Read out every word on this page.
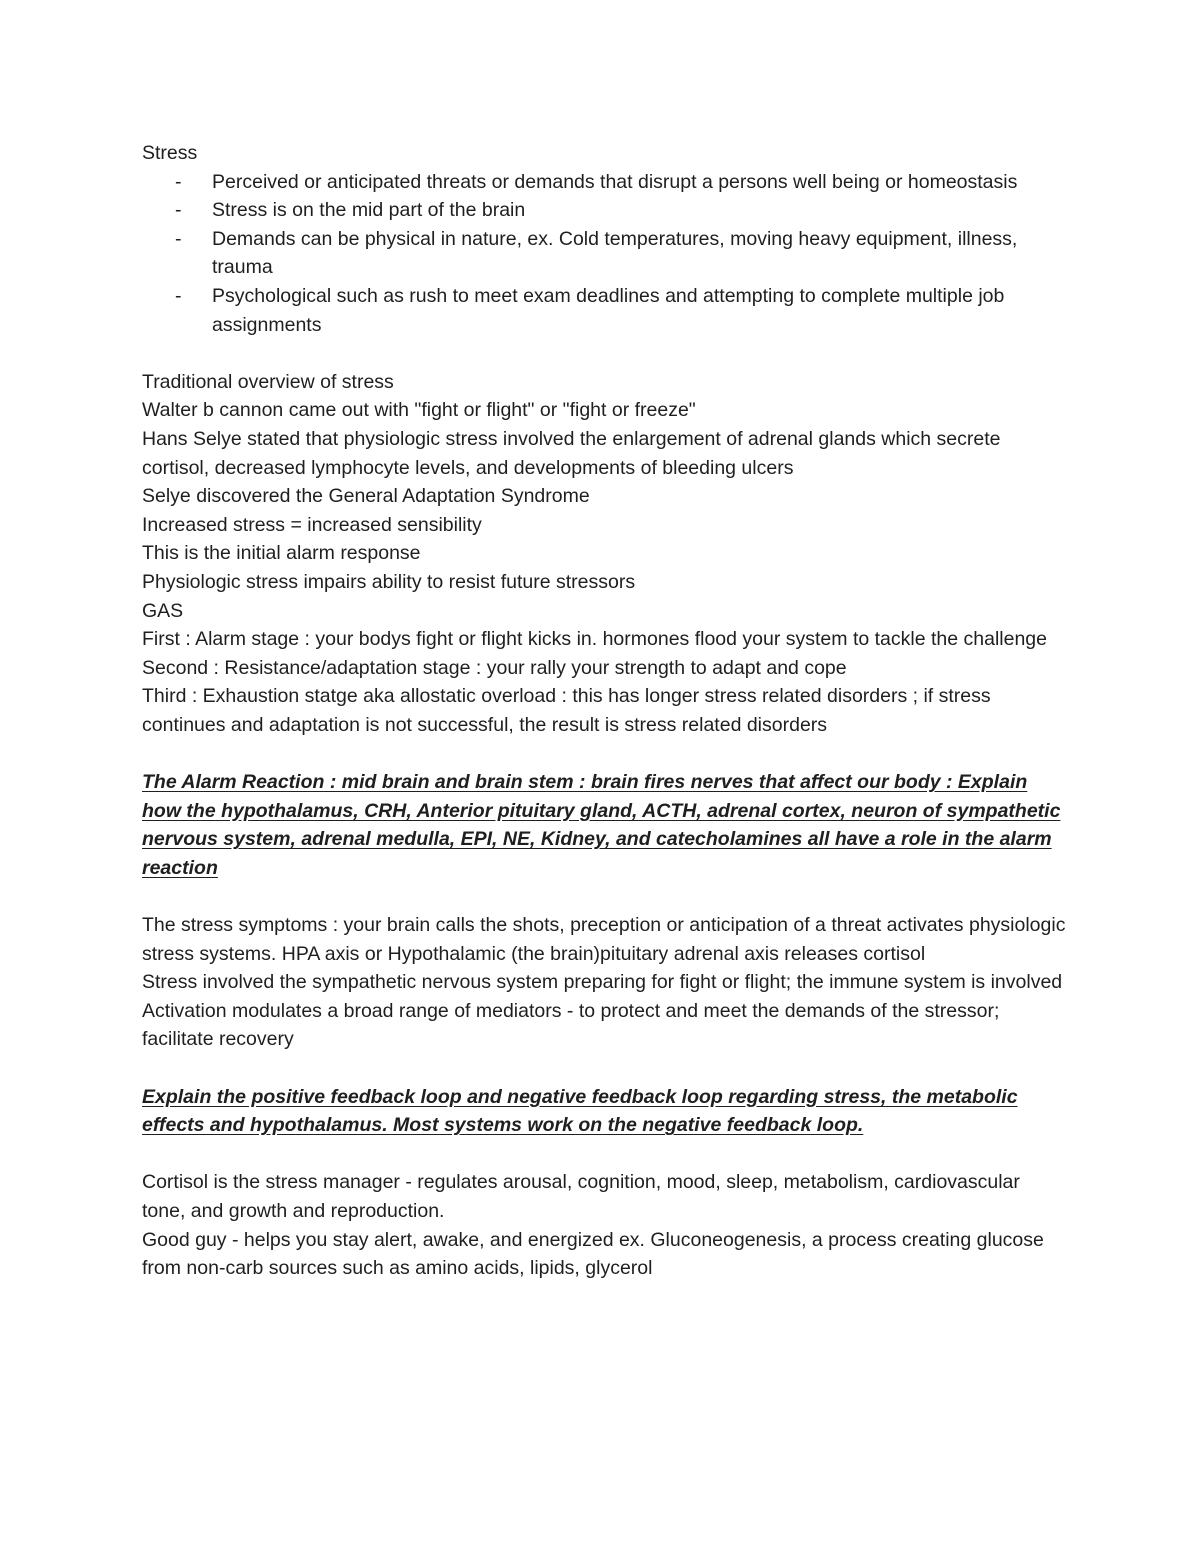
Stress

- Perceived or anticipated threats or demands that disrupt a persons well being or homeostasis
- Stress is on the mid part of the brain
- Demands can be physical in nature, ex. Cold temperatures, moving heavy equipment, illness, trauma
- Psychological such as rush to meet exam deadlines and attempting to complete multiple job assignments

Traditional overview of stress

Walter b cannon came out with "fight or flight" or "fight or freeze"

Hans Selye stated that physiologic stress involved the enlargement of adrenal glands which secrete cortisol, decreased lymphocyte levels, and developments of bleeding ulcers

Selye discovered the General Adaptation Syndrome

Increased stress = increased sensibility

This is the initial alarm response

Physiologic stress impairs ability to resist future stressors

GAS

First : Alarm stage : your bodys fight or flight kicks in. hormones flood your system to tackle the challenge

Second : Resistance/adaptation stage : your rally your strength to adapt and cope

Third : Exhaustion statge aka allostatic overload : this has longer stress related disorders ; if stress continues and adaptation is not successful, the result is stress related disorders

The Alarm Reaction : mid brain and brain stem : brain fires nerves that affect our body : Explain how the hypothalamus, CRH, Anterior pituitary gland, ACTH, adrenal cortex, neuron of sympathetic nervous system, adrenal medulla, EPI, NE, Kidney, and catecholamines all have a role in the alarm reaction

The stress symptoms : your brain calls the shots, preception or anticipation of a threat activates physiologic stress systems. HPA axis or Hypothalamic (the brain)pituitary adrenal axis releases cortisol

Stress involved the sympathetic nervous system preparing for fight or flight; the immune system is involved

Activation modulates a broad range of mediators - to protect and meet the demands of the stressor; facilitate recovery

Explain the positive feedback loop and negative feedback loop regarding stress, the metabolic effects and hypothalamus. Most systems work on the negative feedback loop.

Cortisol is the stress manager - regulates arousal, cognition, mood, sleep, metabolism, cardiovascular tone, and growth and reproduction.

Good guy - helps you stay alert, awake, and energized ex. Gluconeogenesis, a process creating glucose from non-carb sources such as amino acids, lipids, glycerol
